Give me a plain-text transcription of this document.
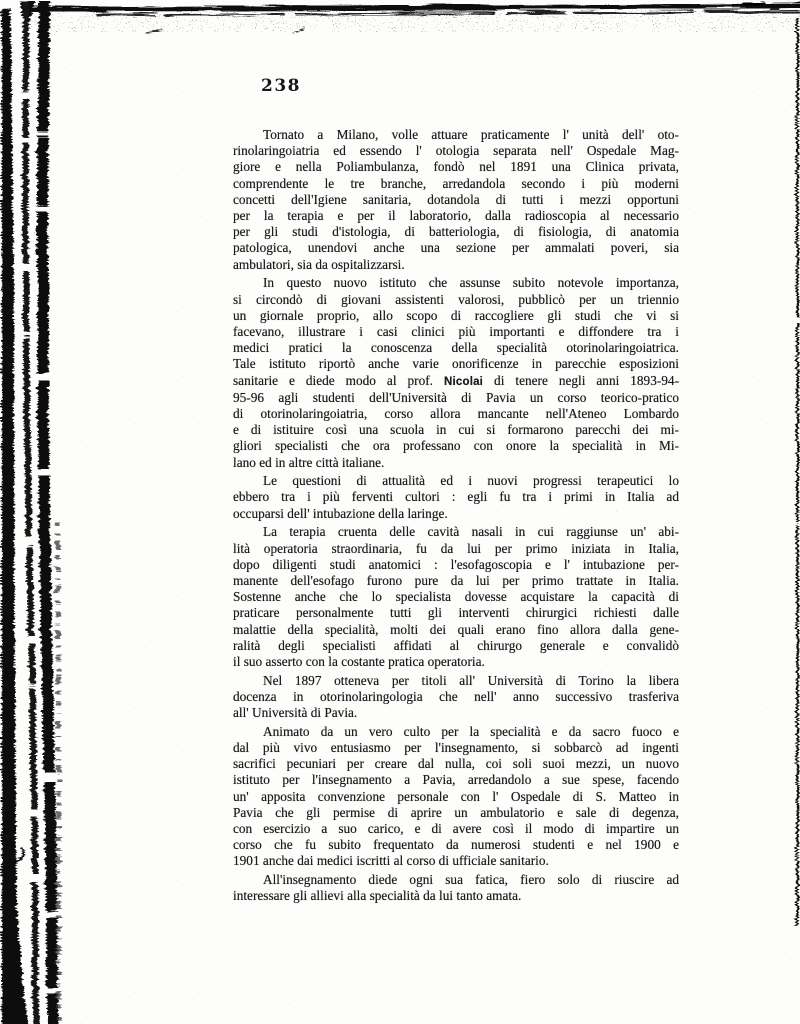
238
Tornato a Milano, volle attuare praticamente l' unità dell' oto-
rinolaringoiatria ed essendo l' otologia separata nell' Ospedale Mag-
giore e nella Poliambulanza, fondò nel 1891 una Clinica privata,
comprendente le tre branche, arredandola secondo i più moderni
concetti dell'Igiene sanitaria, dotandola di tutti i mezzi opportuni
per la terapia e per il laboratorio, dalla radioscopia al necessario
per gli studi d'istologia, di batteriologia, di fisiologia, di anatomia
patologica, unendovi anche una sezione per ammalati poveri, sia
ambulatori, sia da ospitalizzarsi.
In questo nuovo istituto che assunse subito notevole importanza,
si circondò di giovani assistenti valorosi, pubblicò per un triennio
un giornale proprio, allo scopo di raccogliere gli studi che vi si
facevano, illustrare i casi clinici più importanti e diffondere tra i
medici pratici la conoscenza della specialità otorinolaringoiatrica.
Tale istituto riportò anche varie onorificenze in parecchie esposizioni
sanitarie e diede modo al prof. Nicolai di tenere negli anni 1893-94-
95-96 agli studenti dell'Università di Pavia un corso teorico-pratico
di otorinolaringoiatria, corso allora mancante nell'Ateneo Lombardo
e di istituire così una scuola in cui si formarono parecchi dei mi-
gliori specialisti che ora professano con onore la specialità in Mi-
lano ed in altre città italiane.
Le questioni di attualità ed i nuovi progressi terapeutici lo
ebbero tra i più ferventi cultori : egli fu tra i primi in Italia ad
occuparsi dell' intubazione della laringe.
La terapia cruenta delle cavità nasali in cui raggiunse un' abi-
lità operatoria straordinaria, fu da lui per primo iniziata in Italia,
dopo diligenti studi anatomici : l'esofagoscopia e l' intubazione per-
manente dell'esofago furono pure da lui per primo trattate in Italia.
Sostenne anche che lo specialista dovesse acquistare la capacità di
praticare personalmente tutti gli interventi chirurgici richiesti dalle
malattie della specialità, molti dei quali erano fino allora dalla gene-
ralità degli specialisti affidati al chirurgo generale e convalidò
il suo asserto con la costante pratica operatoria.
Nel 1897 otteneva per titoli all' Università di Torino la libera
docenza in otorinolaringologia che nell' anno successivo trasferiva
all' Università di Pavia.
Animato da un vero culto per la specialità e da sacro fuoco e
dal più vivo entusiasmo per l'insegnamento, si sobbarcò ad ingenti
sacrifici pecuniari per creare dal nulla, coi soli suoi mezzi, un nuovo
istituto per l'insegnamento a Pavia, arredandolo a sue spese, facendo
un' apposita convenzione personale con l' Ospedale di S. Matteo in
Pavia che gli permise di aprire un ambulatorio e sale di degenza,
con esercizio a suo carico, e di avere così il modo di impartire un
corso che fu subito frequentato da numerosi studenti e nel 1900 e
1901 anche dai medici iscritti al corso di ufficiale sanitario.
All'insegnamento diede ogni sua fatica, fiero solo di riuscire ad
interessare gli allievi alla specialità da lui tanto amata.
